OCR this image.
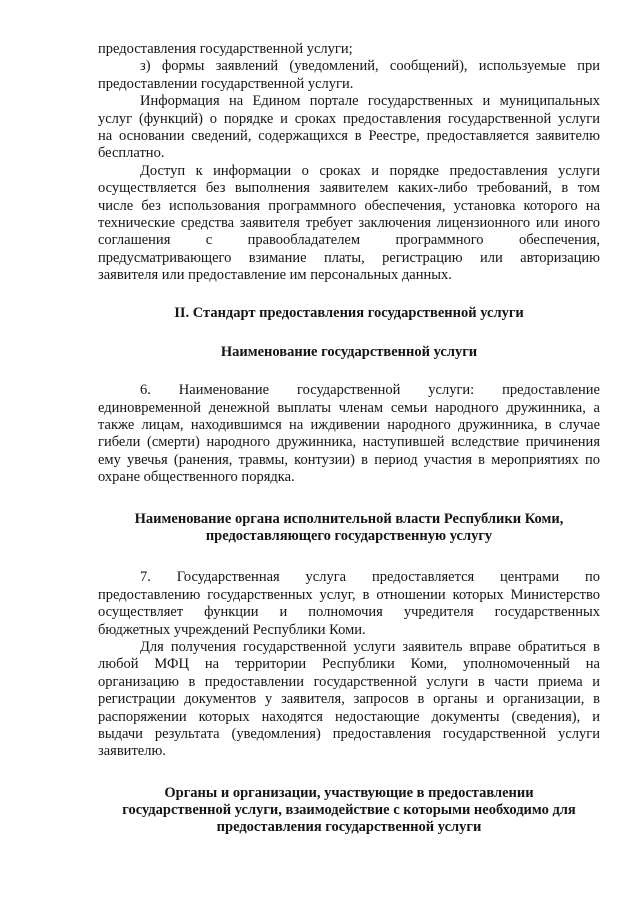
предоставления государственной услуги;
з) формы заявлений (уведомлений, сообщений), используемые при
предоставлении государственной услуги.
Информация на Едином портале государственных и муниципальных
услуг (функций) о порядке и сроках предоставления государственной услуги
на основании сведений, содержащихся в Реестре, предоставляется заявителю
бесплатно.
Доступ к информации о сроках и порядке предоставления услуги
осуществляется без выполнения заявителем каких-либо требований, в том
числе без использования программного обеспечения, установка которого на
технические средства заявителя требует заключения лицензионного или иного
соглашения с правообладателем программного обеспечения,
предусматривающего взимание платы, регистрацию или авторизацию
заявителя или предоставление им персональных данных.
II. Стандарт предоставления государственной услуги
Наименование государственной услуги
6. Наименование государственной услуги: предоставление
единовременной денежной выплаты членам семьи народного дружинника, а
также лицам, находившимся на иждивении народного дружинника, в случае
гибели (смерти) народного дружинника, наступившей вследствие причинения
ему увечья (ранения, травмы, контузии) в период участия в мероприятиях по
охране общественного порядка.
Наименование органа исполнительной власти Республики Коми,
предоставляющего государственную услугу
7. Государственная услуга предоставляется центрами по
предоставлению государственных услуг, в отношении которых Министерство
осуществляет функции и полномочия учредителя государственных
бюджетных учреждений Республики Коми.
Для получения государственной услуги заявитель вправе обратиться в
любой МФЦ на территории Республики Коми, уполномоченный на
организацию в предоставлении государственной услуги в части приема и
регистрации документов у заявителя, запросов в органы и организации, в
распоряжении которых находятся недостающие документы (сведения), и
выдачи результата (уведомления) предоставления государственной услуги
заявителю.
Органы и организации, участвующие в предоставлении
государственной услуги, взаимодействие с которыми необходимо для
предоставления государственной услуги
